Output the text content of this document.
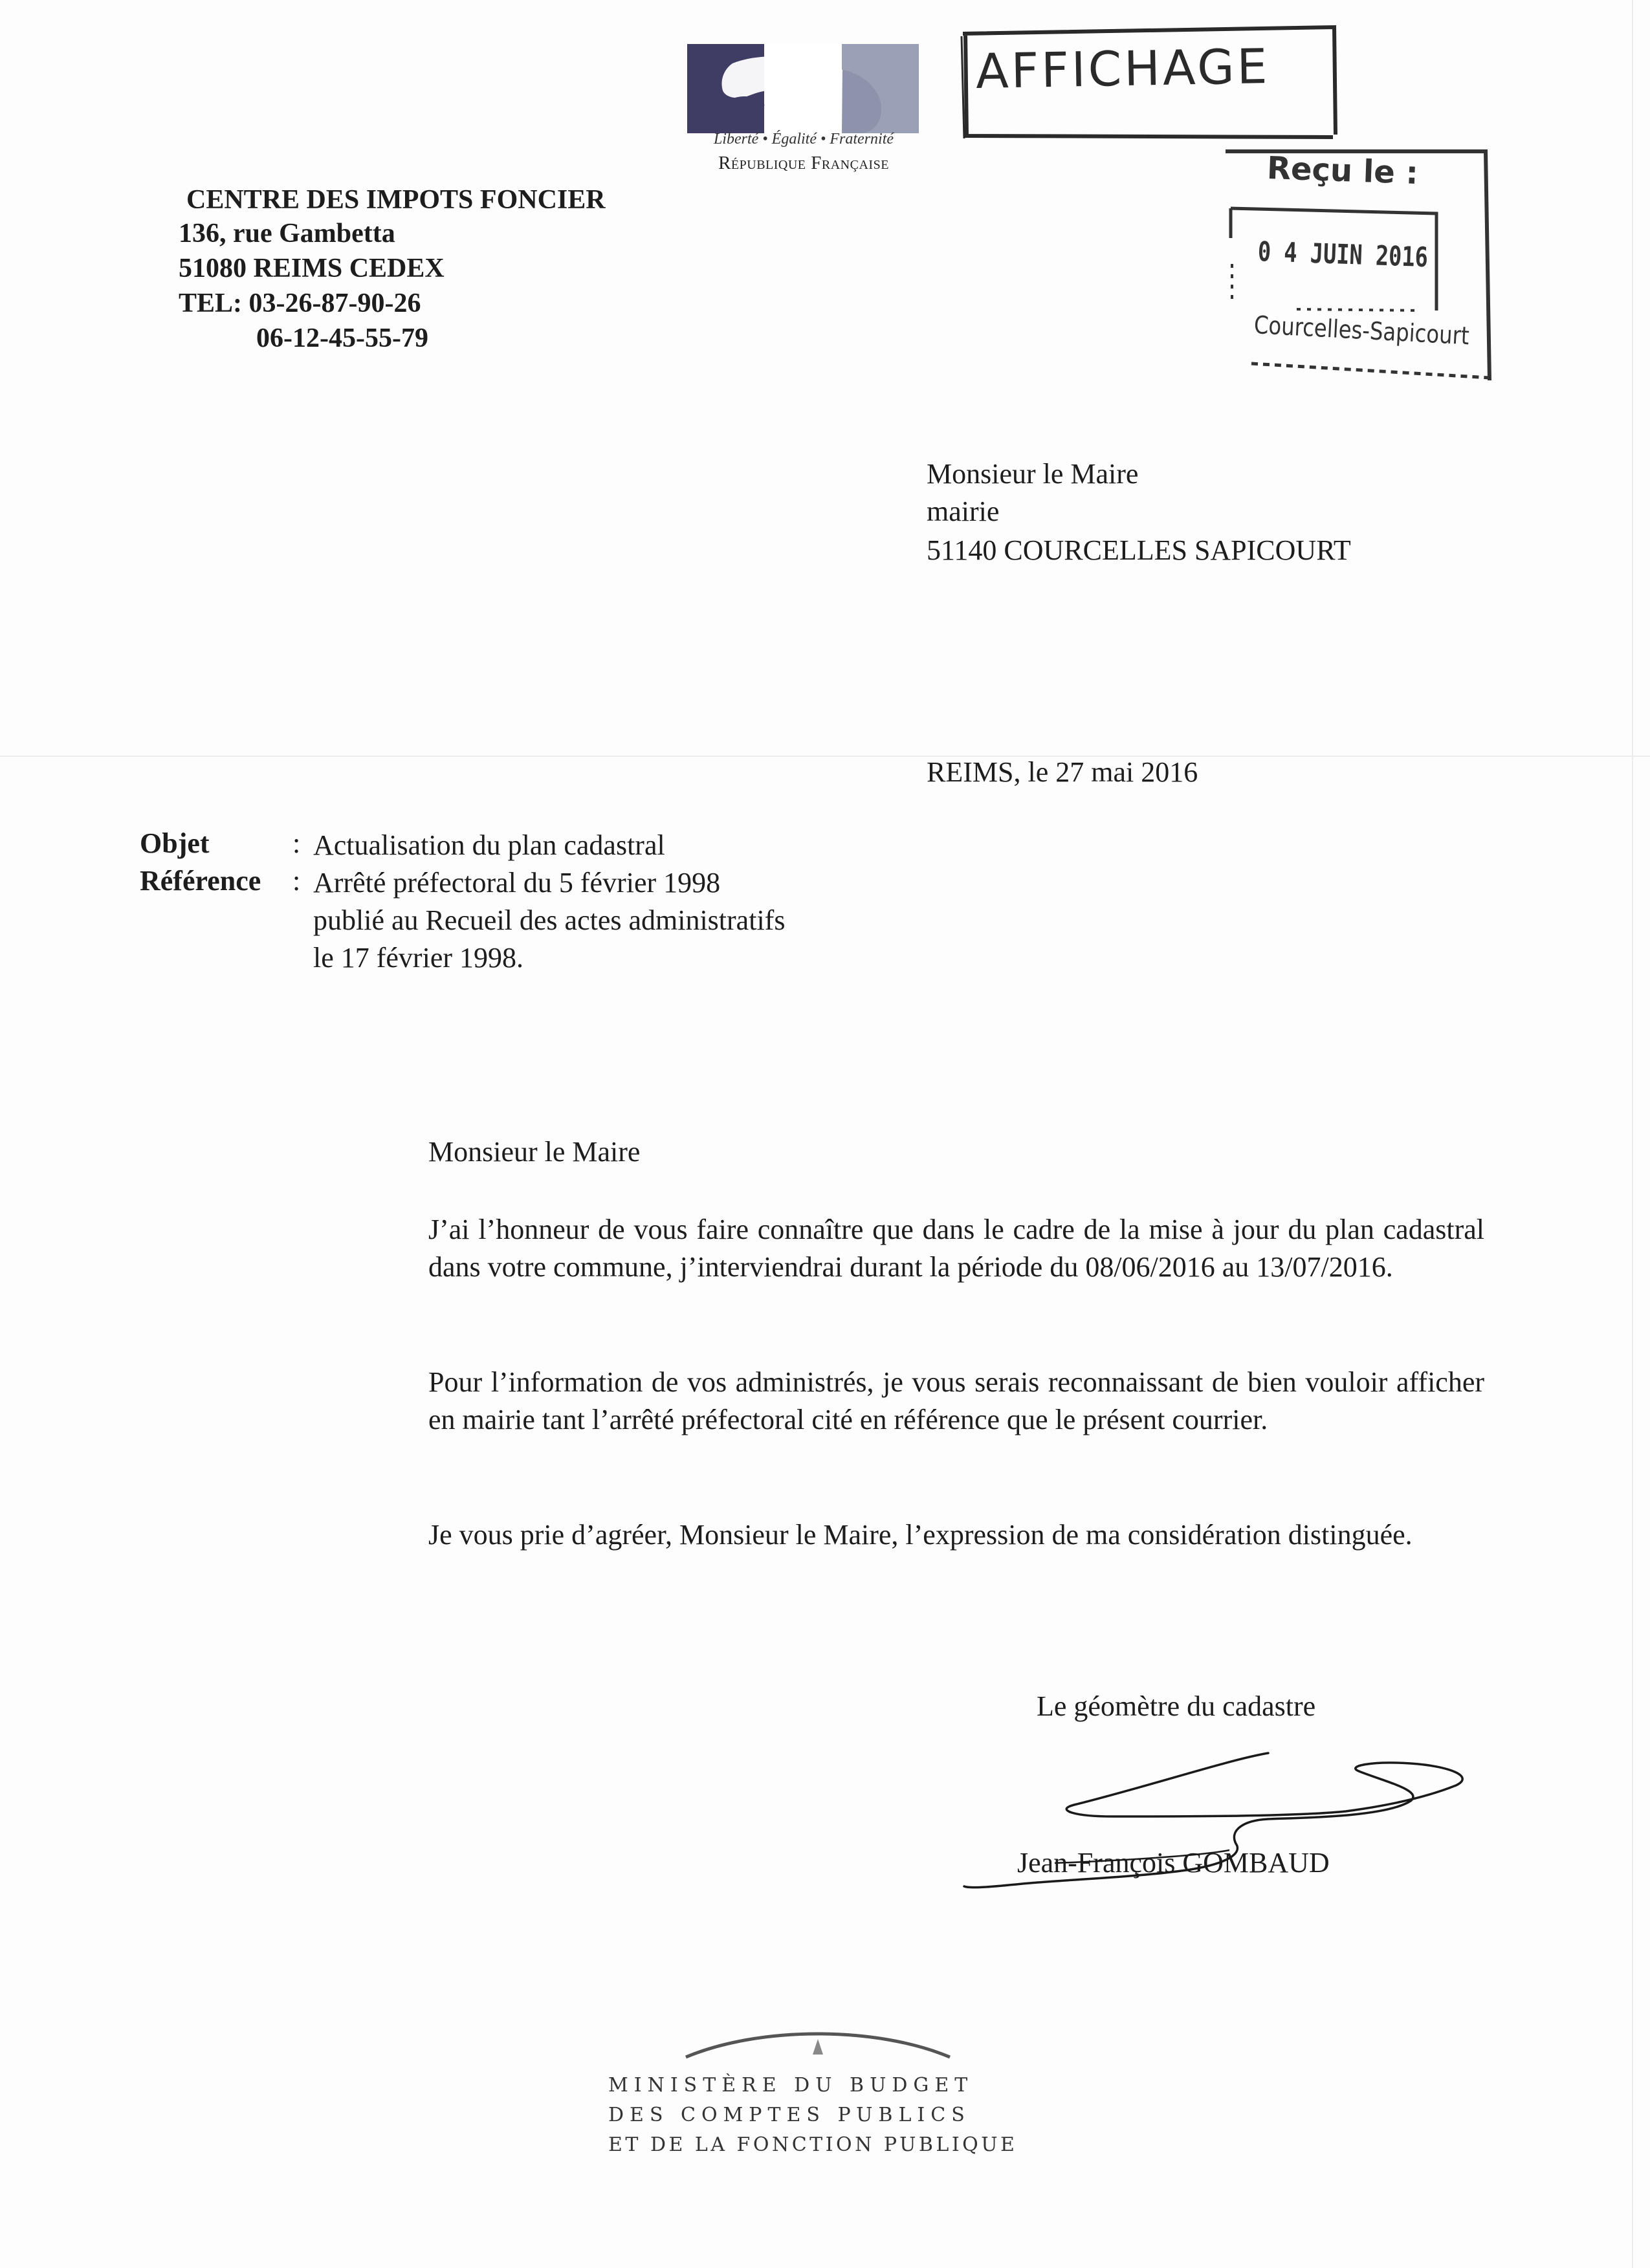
Liberté • Égalité • Fraternité
République Française
CENTRE DES IMPOTS FONCIER
136, rue Gambetta
51080 REIMS CEDEX
TEL: 03-26-87-90-26
06-12-45-55-79
AFFICHAGE
Reçu le :
0 4 JUIN 2016
Courcelles-Sapicourt
Monsieur le Maire
mairie
51140 COURCELLES SAPICOURT
REIMS, le 27 mai 2016
Objet	: Actualisation du plan cadastral
Référence : Arrêté préfectoral du 5 février 1998
publié au Recueil des actes administratifs
le 17 février 1998.
Monsieur le Maire
J’ai l’honneur de vous faire connaître que dans le cadre de la mise à jour du plan cadastral dans votre commune, j’interviendrai durant la période du 08/06/2016 au 13/07/2016.
Pour l’information de vos administrés, je vous serais reconnaissant de bien vouloir afficher en mairie tant l’arrêté préfectoral cité en référence que le présent courrier.
Je vous prie d’agréer, Monsieur le Maire, l’expression de ma considération distinguée.
Le géomètre du cadastre
Jean-François GOMBAUD
MINISTÈRE DU BUDGET
DES COMPTES PUBLICS
ET DE LA FONCTION PUBLIQUE
